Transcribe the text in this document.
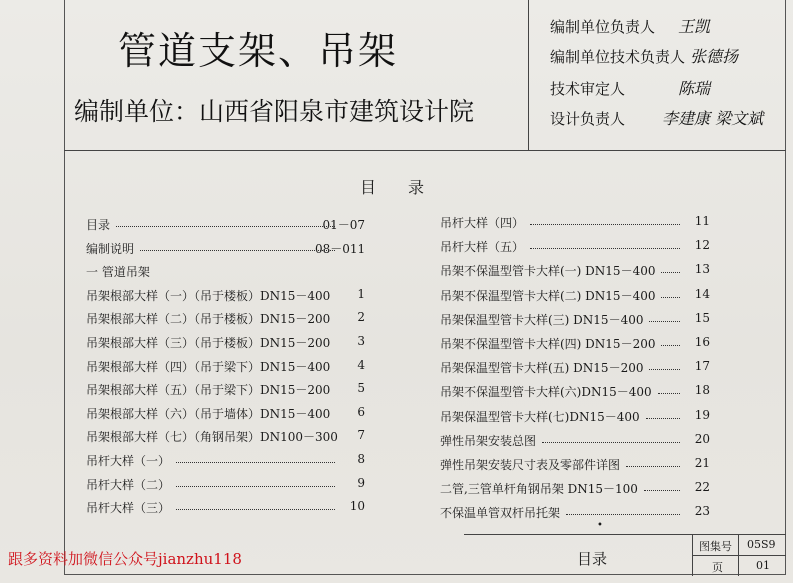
管道支架、吊架
编制单位：山西省阳泉市建筑设计院
编制单位负责人 王凯
编制单位技术负责人 张德扬
技术审定人	陈瑞
设计负责人 李建康 梁文斌
目录
目录	01－07
编制说明	08－011
一 管道吊架
吊架根部大样（一）（吊于楼板）DN15－400	1
吊架根部大样（二）（吊于楼板）DN15－200	2
吊架根部大样（三）（吊于楼板）DN15－200	3
吊架根部大样（四）（吊于梁下）DN15－400	4
吊架根部大样（五）（吊于梁下）DN15－200	5
吊架根部大样（六）（吊于墙体）DN15－400	6
吊架根部大样（七）（角钢吊架）DN100－300	7
吊杆大样（一）	8
吊杆大样（二）	9
吊杆大样（三）	10
吊杆大样（四）	11
吊杆大样（五）	12
吊架不保温型管卡大样(一) DN15－400	13
吊架不保温型管卡大样(二) DN15－400	14
吊架保温型管卡大样(三) DN15－400	15
吊架不保温型管卡大样(四) DN15－200	16
吊架保温型管卡大样(五) DN15－200	17
吊架不保温型管卡大样(六)DN15－400	18
吊架保温型管卡大样(七)DN15－400	19
弹性吊架安装总图	20
弹性吊架安装尺寸表及零部件详图	21
二管,三管单杆角钢吊架 DN15－100	22
不保温单管双杆吊托架	23
•
目录
图集号 05S9
页	01
跟多资料加微信公众号jianzhu118
